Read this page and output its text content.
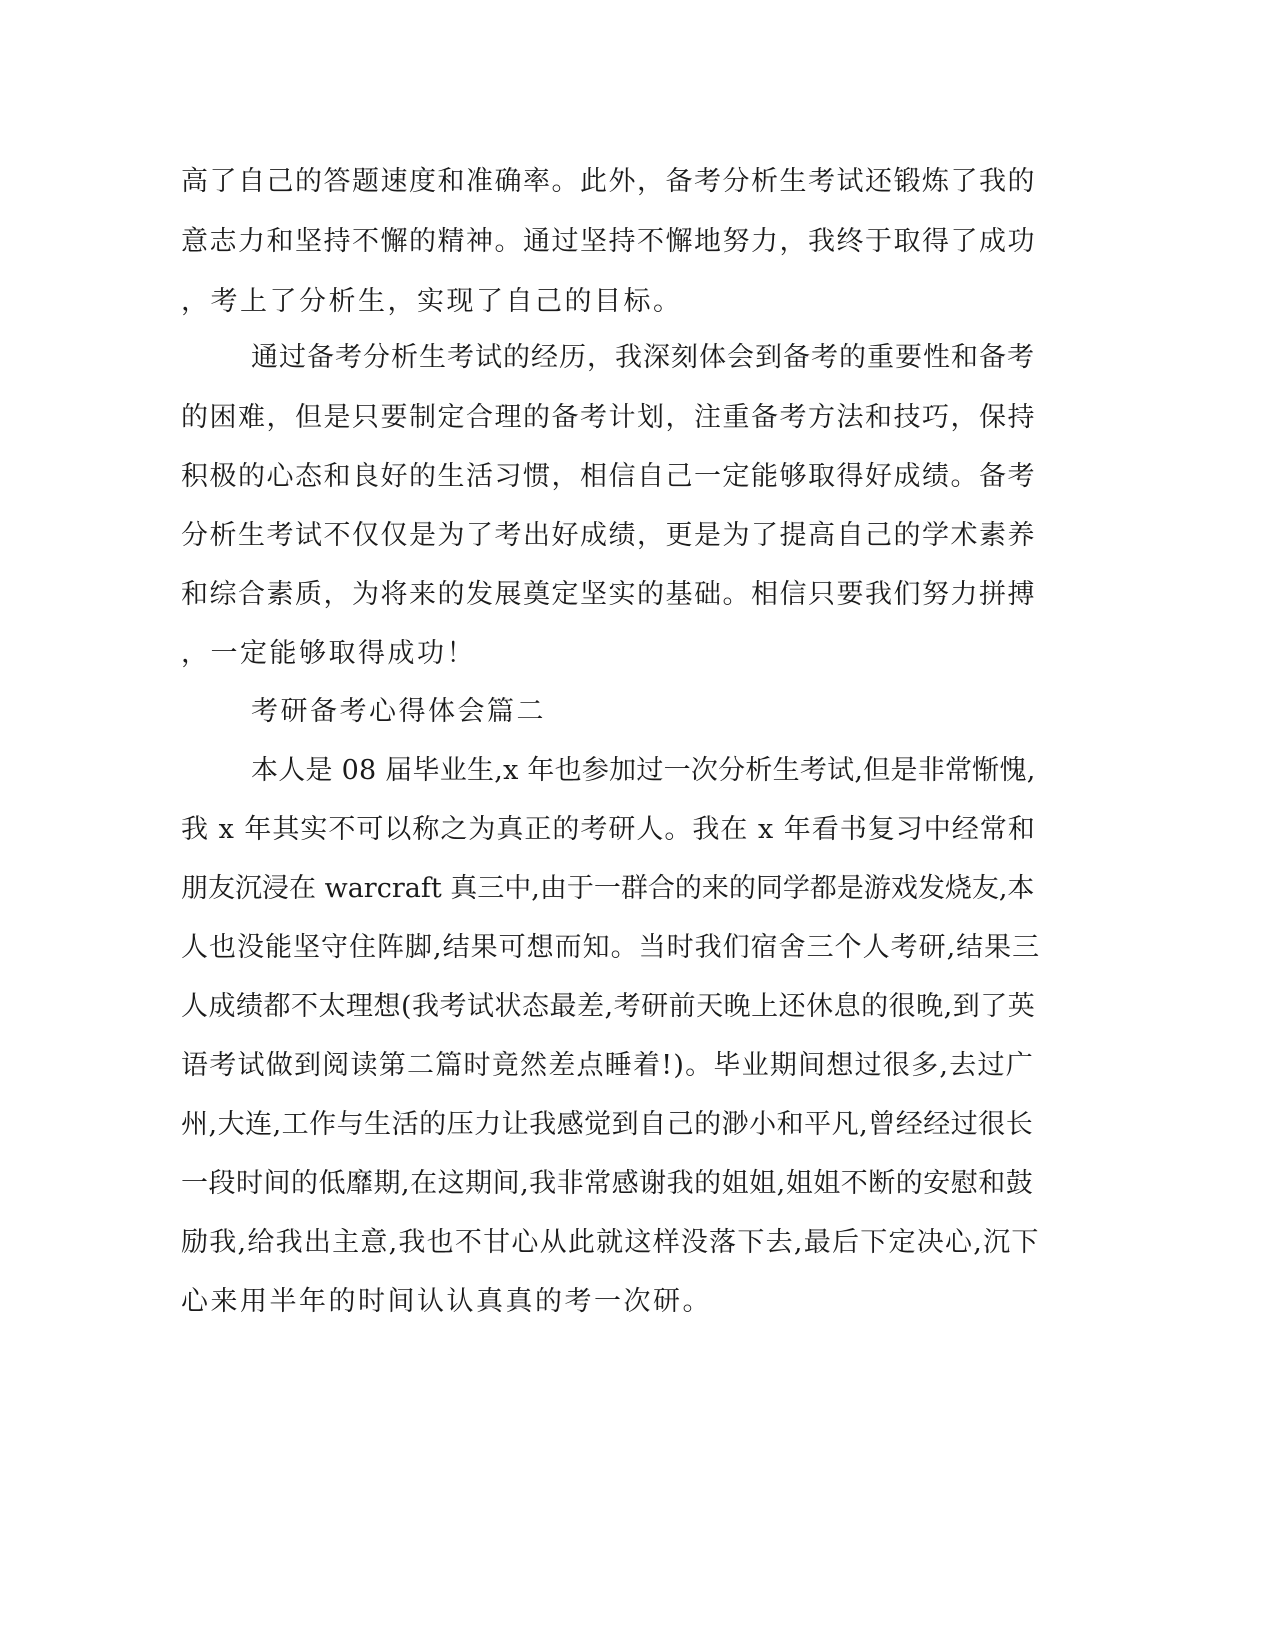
高了自己的答题速度和准确率。此外，备考分析生考试还锻炼了我的

意志力和坚持不懈的精神。通过坚持不懈地努力，我终于取得了成功

，考上了分析生，实现了自己的目标。

通过备考分析生考试的经历，我深刻体会到备考的重要性和备考

的困难，但是只要制定合理的备考计划，注重备考方法和技巧，保持

积极的心态和良好的生活习惯，相信自己一定能够取得好成绩。备考

分析生考试不仅仅是为了考出好成绩，更是为了提高自己的学术素养

和综合素质，为将来的发展奠定坚实的基础。相信只要我们努力拼搏

，一定能够取得成功！

考研备考心得体会篇二

本人是 08 届毕业生,x 年也参加过一次分析生考试,但是非常惭愧,

我 x 年其实不可以称之为真正的考研人。我在 x 年看书复习中经常和

朋友沉浸在 warcraft 真三中,由于一群合的来的同学都是游戏发烧友,本

人也没能坚守住阵脚,结果可想而知。当时我们宿舍三个人考研,结果三

人成绩都不太理想(我考试状态最差,考研前天晚上还休息的很晚,到了英

语考试做到阅读第二篇时竟然差点睡着!)。毕业期间想过很多,去过广

州,大连,工作与生活的压力让我感觉到自己的渺小和平凡,曾经经过很长

一段时间的低靡期,在这期间,我非常感谢我的姐姐,姐姐不断的安慰和鼓

励我,给我出主意,我也不甘心从此就这样没落下去,最后下定决心,沉下

心来用半年的时间认认真真的考一次研。
